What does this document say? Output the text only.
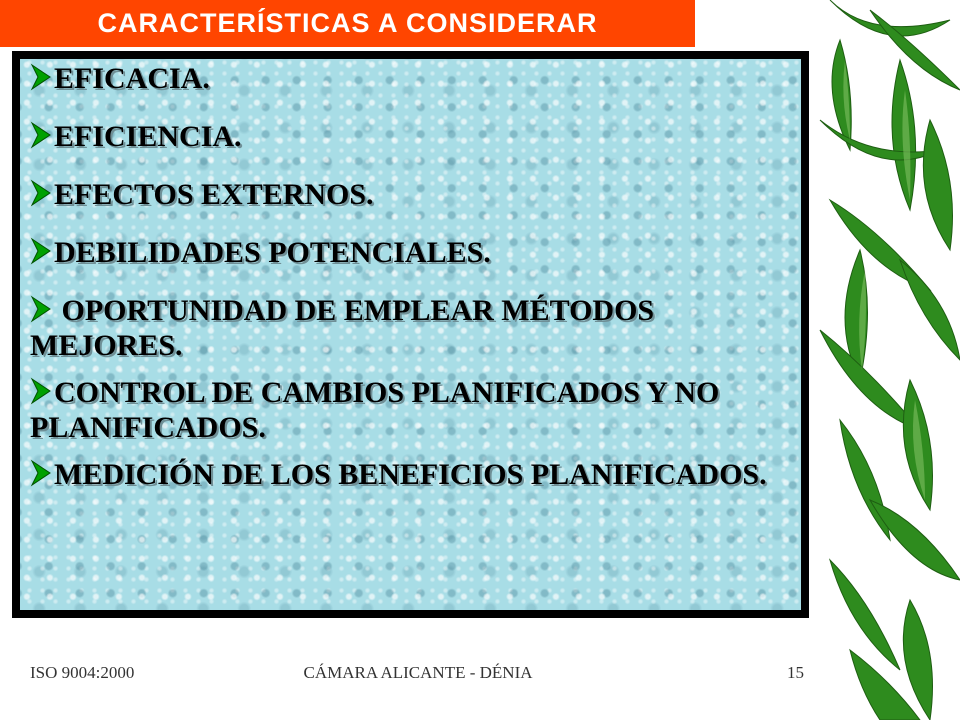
CARACTERÍSTICAS A CONSIDERAR
EFICACIA.
EFICIENCIA.
EFECTOS EXTERNOS.
DEBILIDADES POTENCIALES.
OPORTUNIDAD DE EMPLEAR MÉTODOS MEJORES.
CONTROL DE CAMBIOS PLANIFICADOS Y NO PLANIFICADOS.
MEDICIÓN DE LOS BENEFICIOS PLANIFICADOS.
ISO 9004:2000	CÁMARA ALICANTE - DÉNIA	15
